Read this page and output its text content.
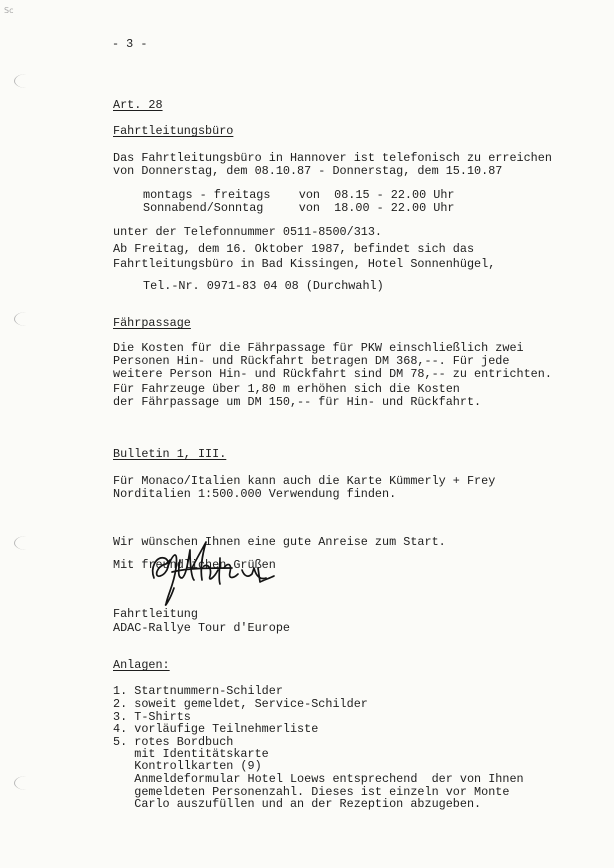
Sc
- 3 -
Art. 28
Fahrtleitungsbüro
Das Fahrtleitungsbüro in Hannover ist telefonisch zu erreichen
von Donnerstag, dem 08.10.87 - Donnerstag, dem 15.10.87
montags - freitags    von  08.15 - 22.00 Uhr
Sonnabend/Sonntag     von  18.00 - 22.00 Uhr
unter der Telefonnummer 0511-8500/313.
Ab Freitag, dem 16. Oktober 1987, befindet sich das
Fahrtleitungsbüro in Bad Kissingen, Hotel Sonnenhügel,
Tel.-Nr. 0971-83 04 08 (Durchwahl)
Fährpassage
Die Kosten für die Fährpassage für PKW einschließlich zwei
Personen Hin- und Rückfahrt betragen DM 368,--. Für jede
weitere Person Hin- und Rückfahrt sind DM 78,-- zu entrichten.
Für Fahrzeuge über 1,80 m erhöhen sich die Kosten
der Fährpassage um DM 150,-- für Hin- und Rückfahrt.
Bulletin 1, III.
Für Monaco/Italien kann auch die Karte Kümmerly + Frey
Norditalien 1:500.000 Verwendung finden.
Wir wünschen Ihnen eine gute Anreise zum Start.
Mit freundlichen Grüßen
Fahrtleitung
ADAC-Rallye Tour d'Europe
Anlagen:
1. Startnummern-Schilder
2. soweit gemeldet, Service-Schilder
3. T-Shirts
4. vorläufige Teilnehmerliste
5. rotes Bordbuch
mit Identitätskarte
Kontrollkarten (9)
Anmeldeformular Hotel Loews entsprechend  der von Ihnen
gemeldeten Personenzahl. Dieses ist einzeln vor Monte
Carlo auszufüllen und an der Rezeption abzugeben.
